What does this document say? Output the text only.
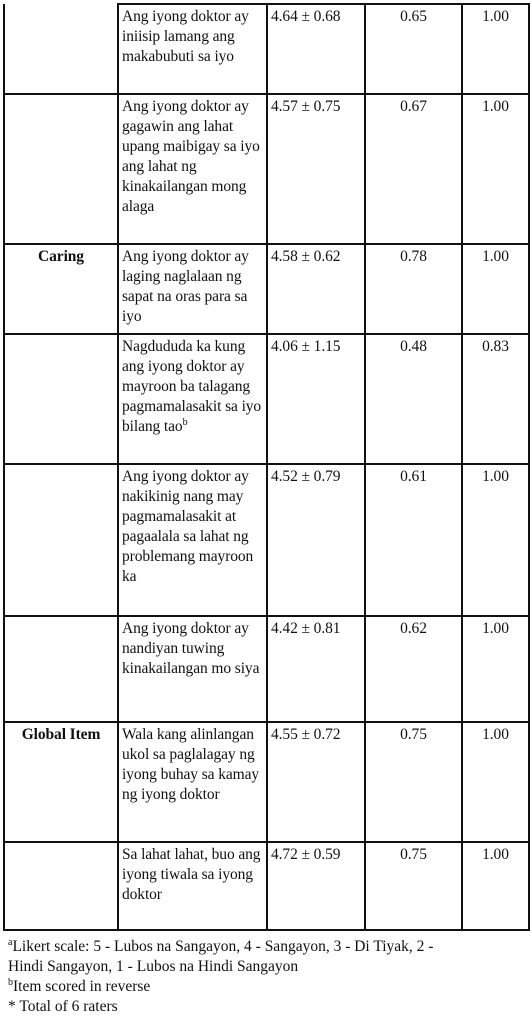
	Ang iyong doktor ay iniisip lamang ang makabubuti sa iyo	4.64 ± 0.68	0.65	1.00
	Ang iyong doktor ay gagawin ang lahat upang maibigay sa iyo ang lahat ng kinakailangan mong alaga	4.57 ± 0.75	0.67	1.00
Caring	Ang iyong doktor ay laging naglalaan ng sapat na oras para sa iyo	4.58 ± 0.62	0.78	1.00
	Nagdududa ka kung ang iyong doktor ay mayroon ba talagang pagmamalasakit sa iyo bilang tao$^b$	4.06 ± 1.15	0.48	0.83
	Ang iyong doktor ay nakikinig nang may pagmamalasakit at pagaalala sa lahat ng problemang mayroon ka	4.52 ± 0.79	0.61	1.00
	Ang iyong doktor ay nandiyan tuwing kinakailangan mo siya	4.42 ± 0.81	0.62	1.00
Global Item	Wala kang alinlangan ukol sa paglalagay ng iyong buhay sa kamay ng iyong doktor	4.55 ± 0.72	0.75	1.00
	Sa lahat lahat, buo ang iyong tiwala sa iyong doktor	4.72 ± 0.59	0.75	1.00
$^a$Likert scale: 5 - Lubos na Sangayon, 4 - Sangayon, 3 - Di Tiyak, 2 -
Hindi Sangayon, 1 - Lubos na Hindi Sangayon
$^b$Item scored in reverse
* Total of 6 raters
